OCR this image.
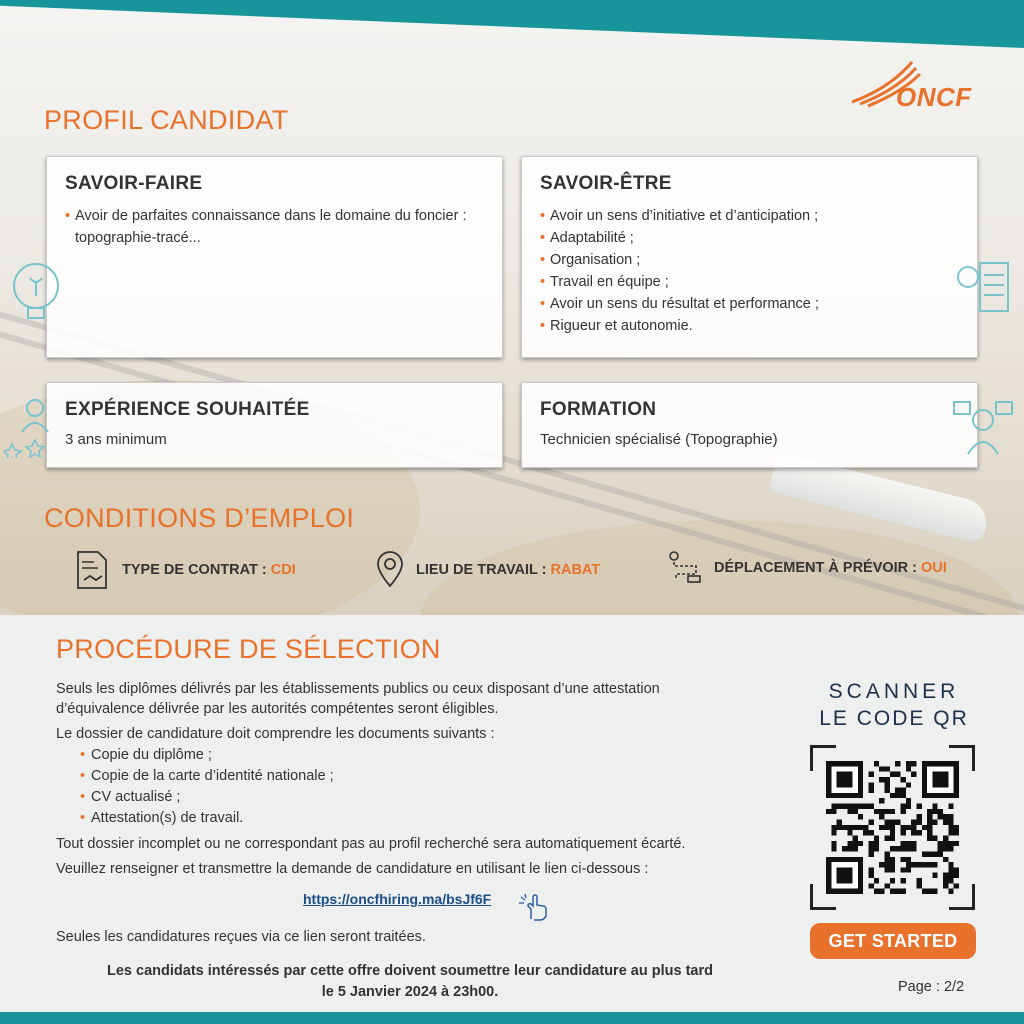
ONCF
PROFIL CANDIDAT
SAVOIR-FAIRE
• Avoir de parfaites connaissance dans le domaine du foncier : topographie-tracé...
SAVOIR-ÊTRE
• Avoir un sens d’initiative et d’anticipation ;
• Adaptabilité ;
• Organisation ;
• Travail en équipe ;
• Avoir un sens du résultat et performance ;
• Rigueur et autonomie.
EXPÉRIENCE SOUHAITÉE

3 ans minimum

FORMATION

Technicien spécialisé (Topographie)

CONDITIONS D’EMPLOI
TYPE DE CONTRAT : CDI	LIEU DE TRAVAIL : RABAT	DÉPLACEMENT À PRÉVOIR : OUI
PROCÉDURE DE SÉLECTION
Seuls les diplômes délivrés par les établissements publics ou ceux disposant d’une attestation
d’équivalence délivrée par les autorités compétentes seront éligibles.
Le dossier de candidature doit comprendre les documents suivants :
• Copie du diplôme ;
• Copie de la carte d’identité nationale ;
• CV actualisé ;
• Attestation(s) de travail.
Tout dossier incomplet ou ne correspondant pas au profil recherché sera automatiquement écarté.
Veuillez renseigner et transmettre la demande de candidature en utilisant le lien ci-dessous :
https://oncfhiring.ma/bsJf6F
Seules les candidatures reçues via ce lien seront traitées.
Les candidats intéressés par cette offre doivent soumettre leur candidature au plus tard
le 5 Janvier 2024 à 23h00.
SCANNER
LE CODE QR
GET STARTED
Page : 2/2
